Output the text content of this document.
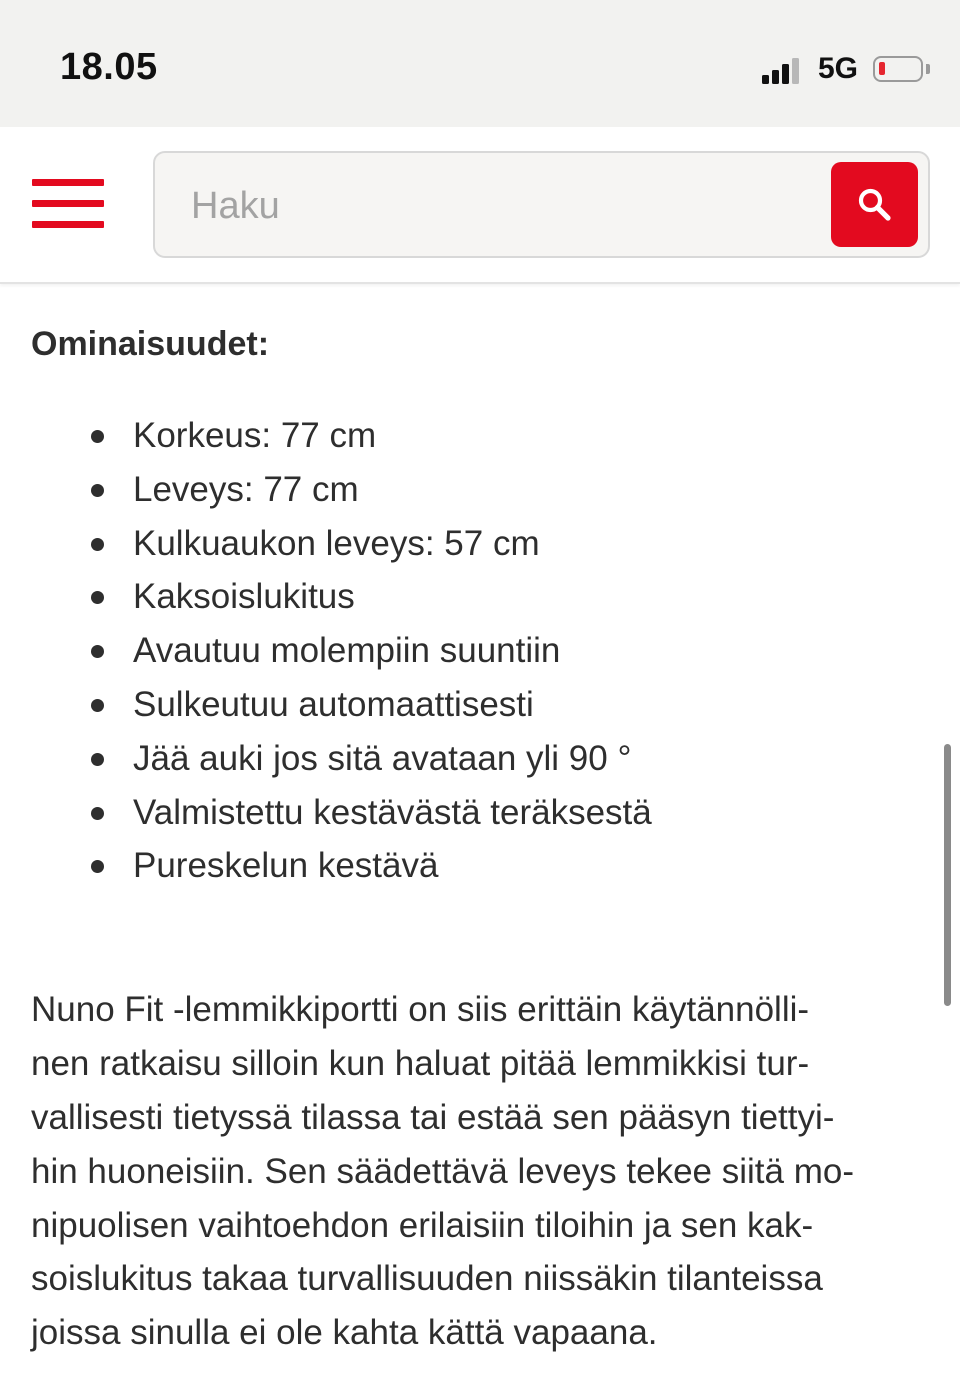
18.05	5G
Haku
Ominaisuudet:
Korkeus: 77 cm
Leveys: 77 cm
Kulkuaukon leveys: 57 cm
Kaksoislukitus
Avautuu molempiin suuntiin
Sulkeutuu automaattisesti
Jää auki jos sitä avataan yli 90 °
Valmistettu kestävästä teräksestä
Pureskelun kestävä

Nuno Fit -lemmikkiportti on siis erittäin käytännölli-
nen ratkaisu silloin kun haluat pitää lemmikkisi tur-
vallisesti tietyssä tilassa tai estää sen pääsyn tiettyi-
hin huoneisiin. Sen säädettävä leveys tekee siitä mo-
nipuolisen vaihtoehdon erilaisiin tiloihin ja sen kak-
soislukitus takaa turvallisuuden niissäkin tilanteissa
joissa sinulla ei ole kahta kättä vapaana.
